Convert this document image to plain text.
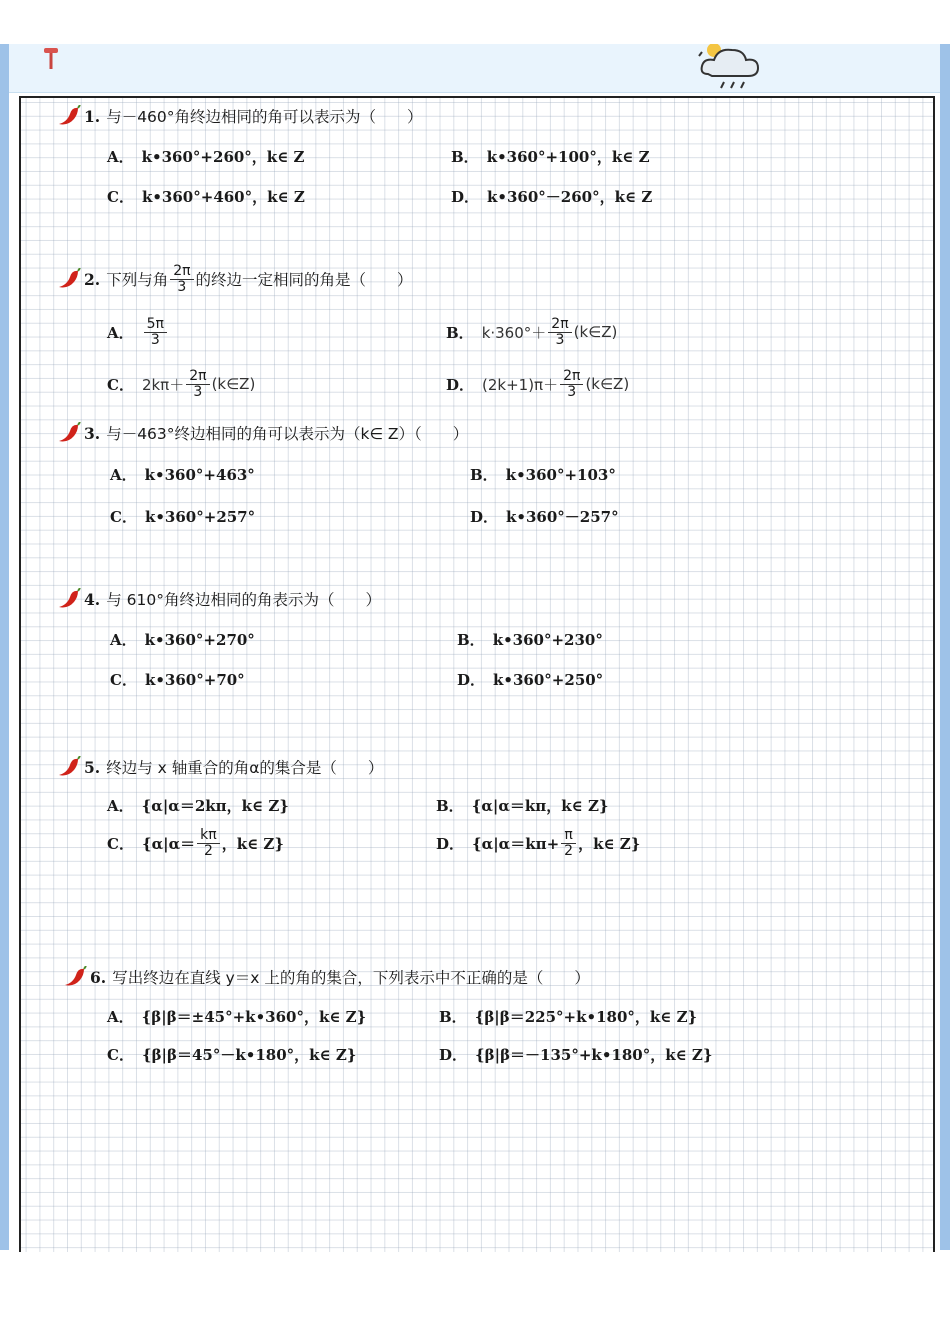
1. 与－460°角终边相同的角可以表示为（　　）
A． k•360°+260°，k∈ Z	B． k•360°+100°，k∈ Z
C． k•360°+460°，k∈ Z	D． k•360°－260°，k∈ Z
2. 下列与角 $\frac{2\pi}{3}$ 的终边一定相同的角是（　　）
A． $\frac{5\pi}{3}$	B． $k\cdot 360^\circ+ \frac{2\pi}{3}$ (k∈Z)
C． $2k\pi+ \frac{2\pi}{3}$ (k∈Z)	D． $(2k+1)\pi+ \frac{2\pi}{3}$ (k∈Z)
3. 与－463°终边相同的角可以表示为（k∈ Z）（　　）
A． k•360°+463°	B． k•360°+103°
C． k•360°+257°	D． k•360°－257°
4. 与 610°角终边相同的角表示为（　　）
A． k•360°+270°	B． k•360°+230°
C． k•360°+70°	D． k•360°+250°
5. 终边与 x 轴重合的角α的集合是（　　）
A． {α|α＝2kπ，k∈ Z}	B． {α|α＝kπ，k∈ Z}
C． {$\alpha|\alpha= \frac{k\pi}{2}$ ，k∈ Z}	D． {$\alpha|\alpha=k\pi+ \frac{\pi}{2}$ ，k∈ Z}
6. 写出终边在直线 y＝x 上的角的集合，下列表示中不正确的是（　　）
A． {β|β＝±45°+k•360°，k∈ Z}	B． {β|β＝225°+k•180°，k∈ Z}
C． {β|β＝45°－k•180°，k∈ Z}	D． {β|β＝－135°+k•180°，k∈ Z}
